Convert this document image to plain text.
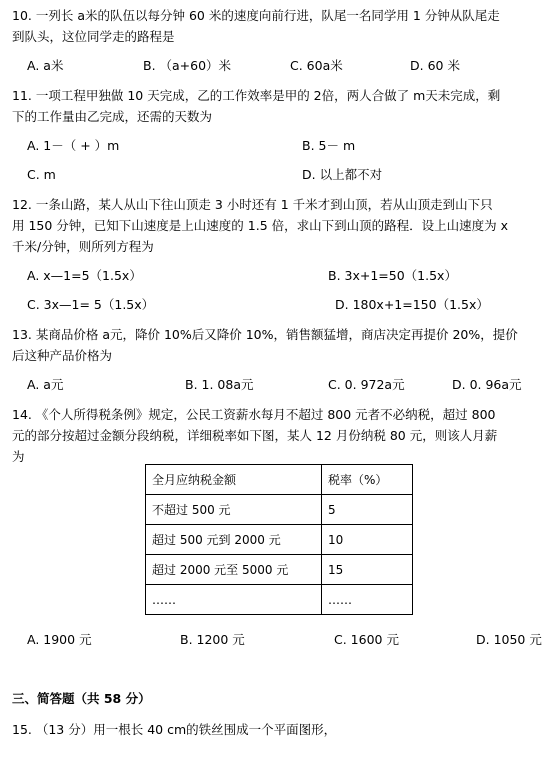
10. 一列长 a米的队伍以每分钟 60 米的速度向前行进，队尾一名同学用 1 分钟从队尾走
到队头，这位同学走的路程是
A. a米	B. （a+60）米	C. 60a米	D. 60 米
11. 一项工程甲独做 10 天完成，乙的工作效率是甲的 2倍，两人合做了 m天未完成，剩
下的工作量由乙完成，还需的天数为
A. 1－（ + ）m	B. 5－ m
C. m	D. 以上都不对
12. 一条山路，某人从山下往山顶走 3 小时还有 1 千米才到山顶，若从山顶走到山下只
用 150 分钟，已知下山速度是上山速度的 1.5 倍，求山下到山顶的路程．设上山速度为 x
千米/分钟，则所列方程为
A. x—1=5（1.5x）	B. 3x+1=50（1.5x）
C. 3x—1= 5（1.5x）	D. 180x+1=150（1.5x）
13. 某商品价格 a元，降价 10%后又降价 10%，销售额猛增，商店决定再提价 20%，提价
后这种产品价格为
A. a元	B. 1. 08a元	C. 0. 972a元	D. 0. 96a元
14. 《个人所得税条例》规定，公民工资薪水每月不超过 800 元者不必纳税，超过 800
元的部分按超过金额分段纳税，详细税率如下图，某人 12 月份纳税 80 元，则该人月薪
为
全月应纳税金额	税率（%）
不超过 500 元	5
超过 500 元到 2000 元	10
超过 2000 元至 5000 元	15
……	……
A. 1900 元	B. 1200 元	C. 1600 元	D. 1050 元
三、简答题（共 58 分）
15. （13 分）用一根长 40 cm的铁丝围成一个平面图形，
